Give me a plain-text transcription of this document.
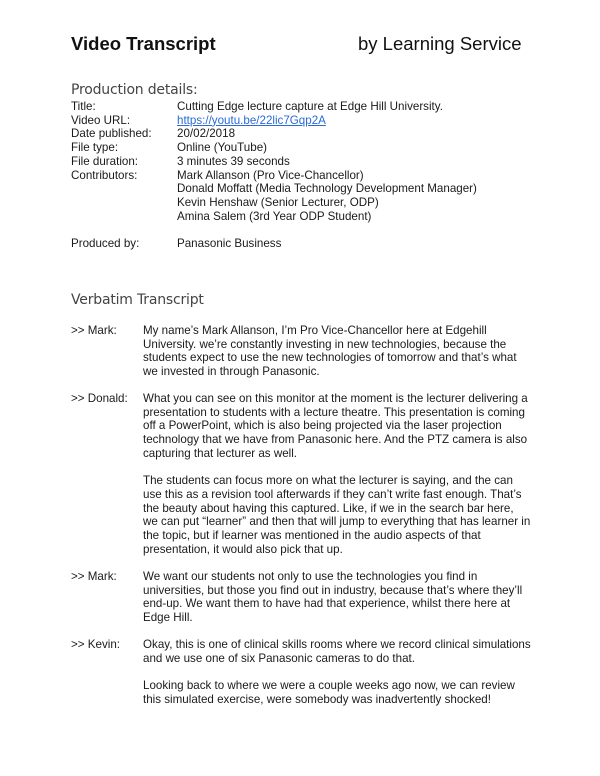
Video Transcript	by Learning Service
Production details:
Title:	Cutting Edge lecture capture at Edge Hill University.
Video URL:	https://youtu.be/22lic7Gqp2A
Date published:	20/02/2018
File type:	Online (YouTube)
File duration:	3 minutes 39 seconds
Contributors:	Mark Allanson (Pro Vice-Chancellor)
Donald Moffatt (Media Technology Development Manager)
Kevin Henshaw (Senior Lecturer, ODP)
Amina Salem (3rd Year ODP Student)
Produced by:	Panasonic Business
Verbatim Transcript
>> Mark:	My name’s Mark Allanson, I’m Pro Vice-Chancellor here at Edgehill University. we’re constantly investing in new technologies, because the students expect to use the new technologies of tomorrow and that’s what we invested in through Panasonic.

>> Donald:	What you can see on this monitor at the moment is the lecturer delivering a presentation to students with a lecture theatre. This presentation is coming off a PowerPoint, which is also being projected via the laser projection technology that we have from Panasonic here. And the PTZ camera is also capturing that lecturer as well.

The students can focus more on what the lecturer is saying, and the can use this as a revision tool afterwards if they can’t write fast enough. That’s the beauty about having this captured. Like, if we in the search bar here, we can put “learner” and then that will jump to everything that has learner in the topic, but if learner was mentioned in the audio aspects of that presentation, it would also pick that up.

>> Mark:	We want our students not only to use the technologies you find in universities, but those you find out in industry, because that’s where they’ll end-up. We want them to have had that experience, whilst there here at Edge Hill.

>> Kevin:	Okay, this is one of clinical skills rooms where we record clinical simulations and we use one of six Panasonic cameras to do that.

Looking back to where we were a couple weeks ago now, we can review this simulated exercise, were somebody was inadvertently shocked!
